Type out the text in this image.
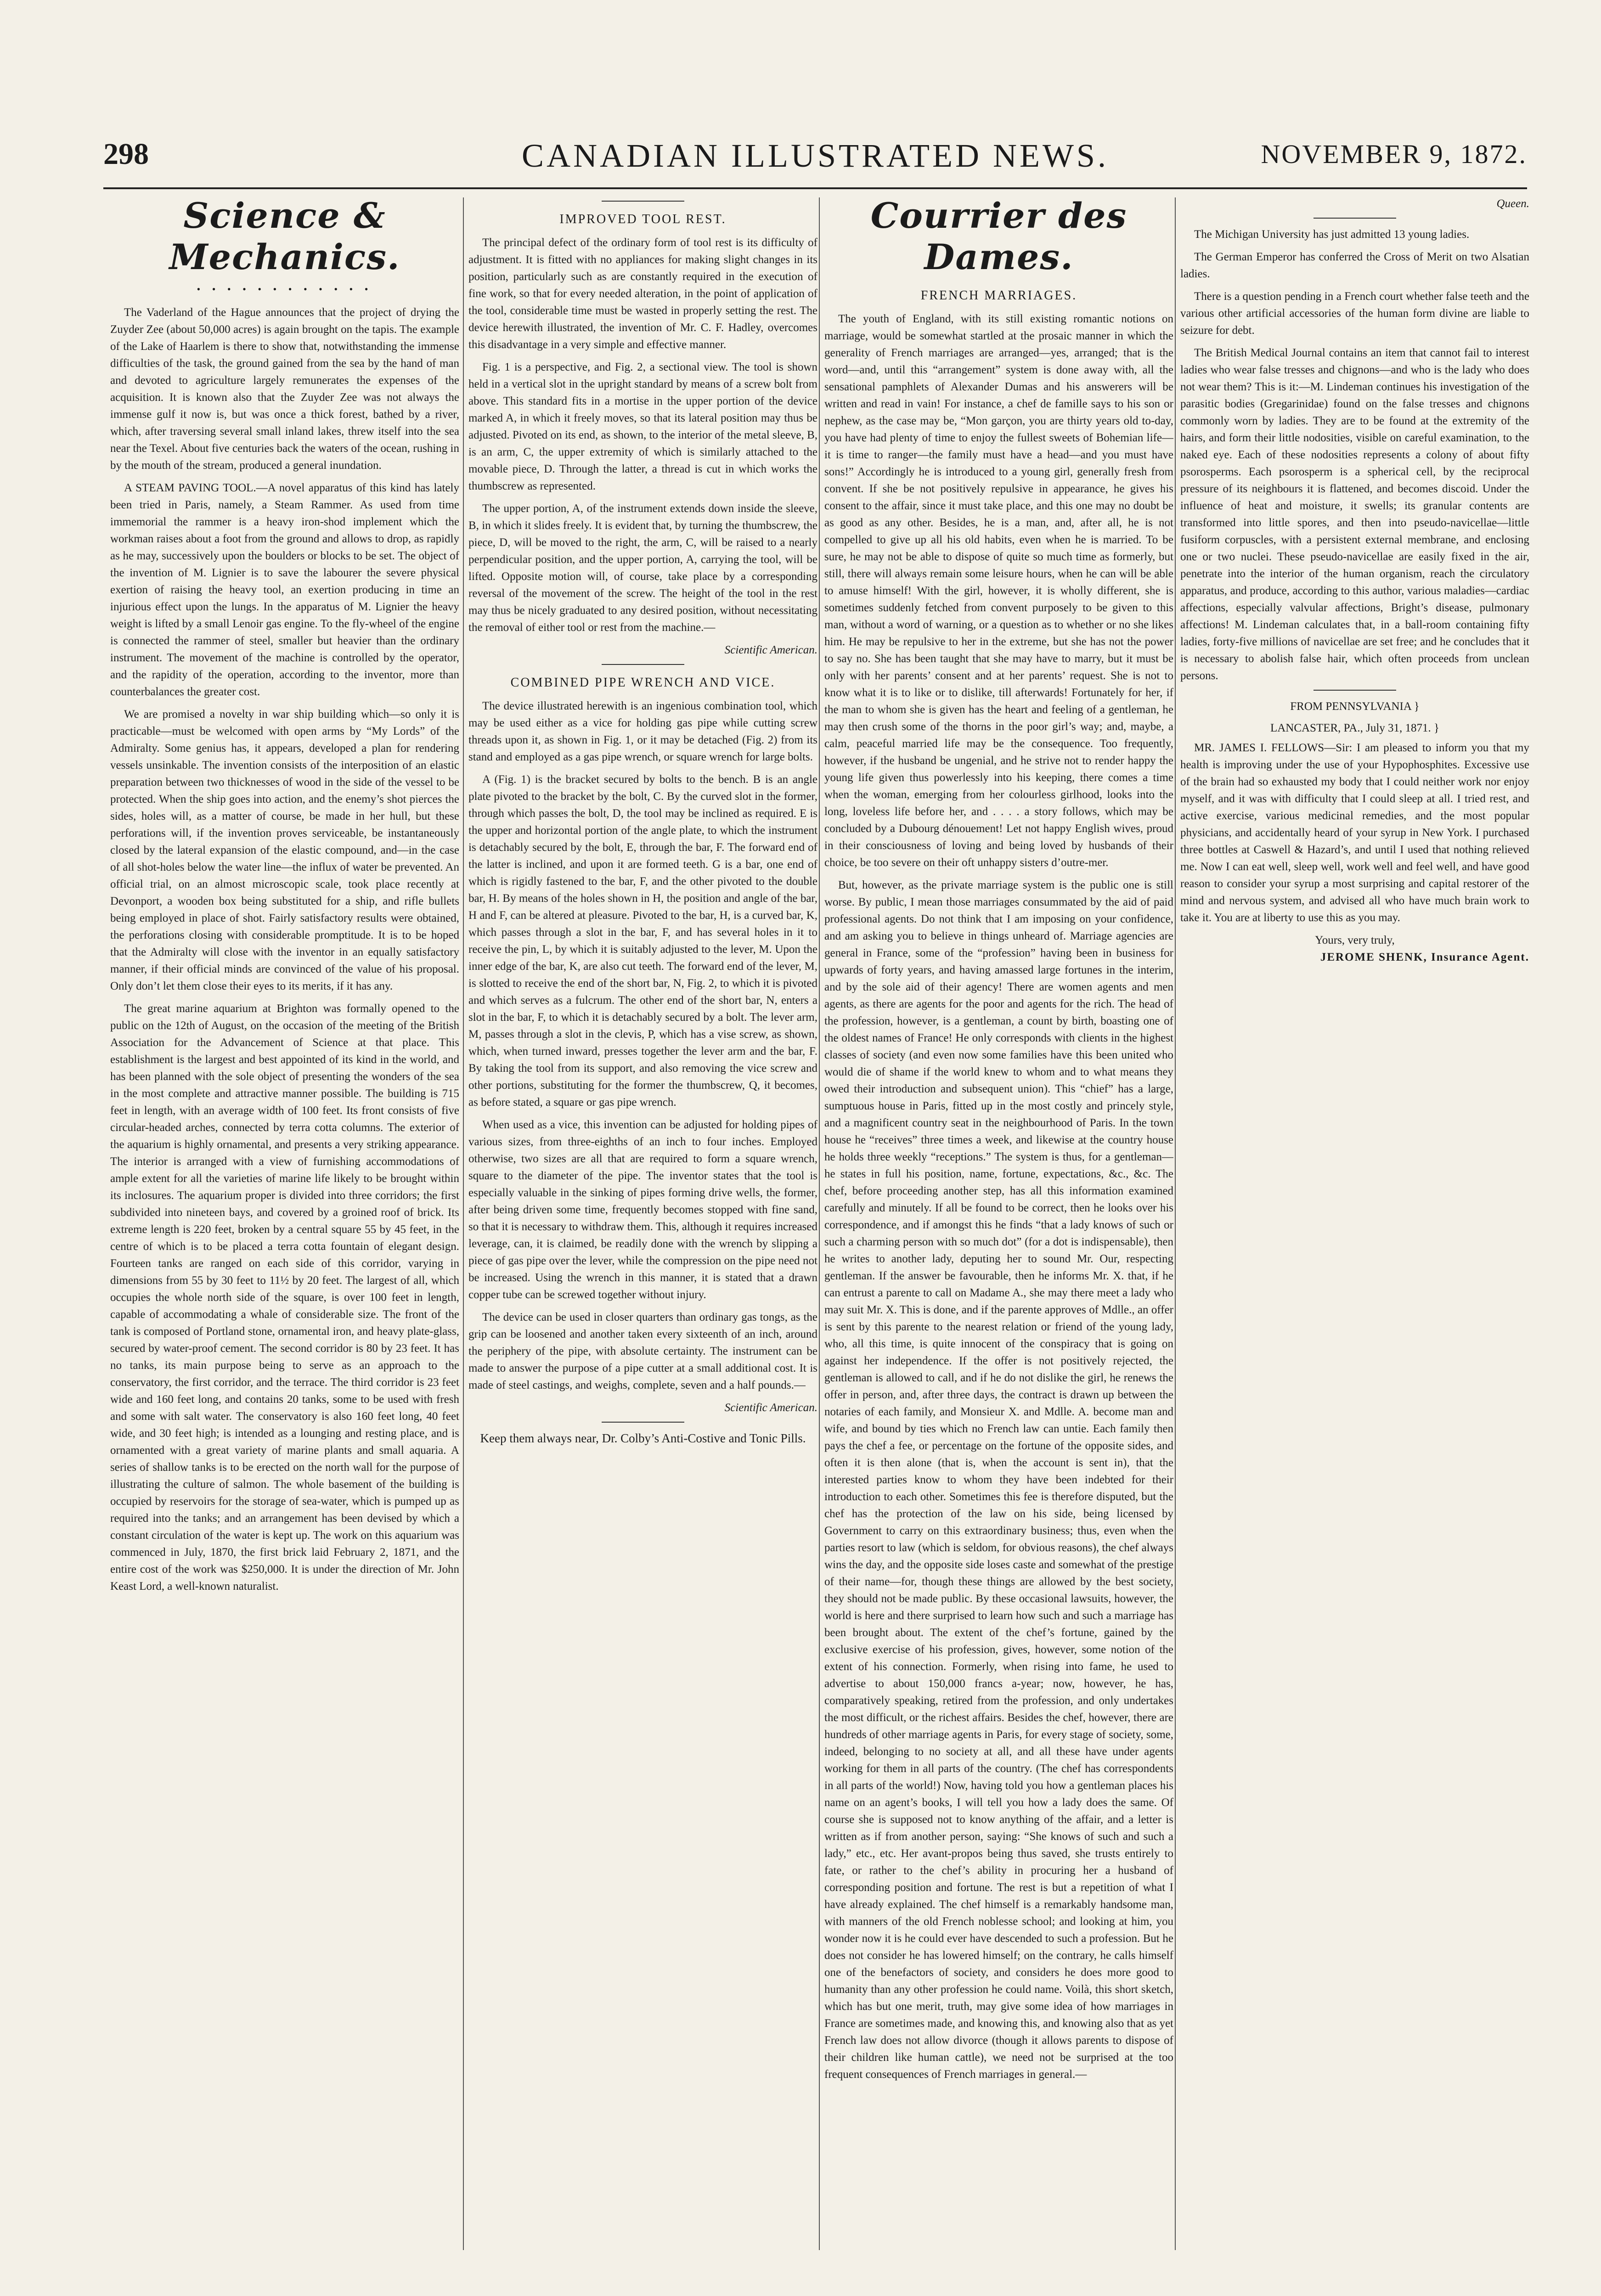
298	CANADIAN ILLUSTRATED NEWS.	NOVEMBER 9, 1872.
Science & Mechanics.
• • • • • • • • • • • •

The Vaderland of the Hague announces that the project of drying the Zuyder Zee (about 50,000 acres) is again brought on the tapis. The example of the Lake of Haarlem is there to show that, notwithstanding the immense difficulties of the task, the ground gained from the sea by the hand of man and devoted to agriculture largely remunerates the expenses of the acquisition. It is known also that the Zuyder Zee was not always the immense gulf it now is, but was once a thick forest, bathed by a river, which, after traversing several small inland lakes, threw itself into the sea near the Texel. About five centuries back the waters of the ocean, rushing in by the mouth of the stream, produced a general inundation.

A STEAM PAVING TOOL.—A novel apparatus of this kind has lately been tried in Paris, namely, a Steam Rammer. As used from time immemorial the rammer is a heavy iron-shod implement which the workman raises about a foot from the ground and allows to drop, as rapidly as he may, successively upon the boulders or blocks to be set. The object of the invention of M. Lignier is to save the labourer the severe physical exertion of raising the heavy tool, an exertion producing in time an injurious effect upon the lungs. In the apparatus of M. Lignier the heavy weight is lifted by a small Lenoir gas engine. To the fly-wheel of the engine is connected the rammer of steel, smaller but heavier than the ordinary instrument. The movement of the machine is controlled by the operator, and the rapidity of the operation, according to the inventor, more than counterbalances the greater cost.

We are promised a novelty in war ship building which—so only it is practicable—must be welcomed with open arms by “My Lords” of the Admiralty. Some genius has, it appears, developed a plan for rendering vessels unsinkable. The invention consists of the interposition of an elastic preparation between two thicknesses of wood in the side of the vessel to be protected. When the ship goes into action, and the enemy’s shot pierces the sides, holes will, as a matter of course, be made in her hull, but these perforations will, if the invention proves serviceable, be instantaneously closed by the lateral expansion of the elastic compound, and—in the case of all shot-holes below the water line—the influx of water be prevented. An official trial, on an almost microscopic scale, took place recently at Devonport, a wooden box being substituted for a ship, and rifle bullets being employed in place of shot. Fairly satisfactory results were obtained, the perforations closing with considerable promptitude. It is to be hoped that the Admiralty will close with the inventor in an equally satisfactory manner, if their official minds are convinced of the value of his proposal. Only don’t let them close their eyes to its merits, if it has any.

The great marine aquarium at Brighton was formally opened to the public on the 12th of August, on the occasion of the meeting of the British Association for the Advancement of Science at that place. This establishment is the largest and best appointed of its kind in the world, and has been planned with the sole object of presenting the wonders of the sea in the most complete and attractive manner possible. The building is 715 feet in length, with an average width of 100 feet. Its front consists of five circular-headed arches, connected by terra cotta columns. The exterior of the aquarium is highly ornamental, and presents a very striking appearance. The interior is arranged with a view of furnishing accommodations of ample extent for all the varieties of marine life likely to be brought within its inclosures. The aquarium proper is divided into three corridors; the first subdivided into nineteen bays, and covered by a groined roof of brick. Its extreme length is 220 feet, broken by a central square 55 by 45 feet, in the centre of which is to be placed a terra cotta fountain of elegant design. Fourteen tanks are ranged on each side of this corridor, varying in dimensions from 55 by 30 feet to 11½ by 20 feet. The largest of all, which occupies the whole north side of the square, is over 100 feet in length, capable of accommodating a whale of considerable size. The front of the tank is composed of Portland stone, ornamental iron, and heavy plate-glass, secured by water-proof cement. The second corridor is 80 by 23 feet. It has no tanks, its main purpose being to serve as an approach to the conservatory, the first corridor, and the terrace. The third corridor is 23 feet wide and 160 feet long, and contains 20 tanks, some to be used with fresh and some with salt water. The conservatory is also 160 feet long, 40 feet wide, and 30 feet high; is intended as a lounging and resting place, and is ornamented with a great variety of marine plants and small aquaria. A series of shallow tanks is to be erected on the north wall for the purpose of illustrating the culture of salmon. The whole basement of the building is occupied by reservoirs for the storage of sea-water, which is pumped up as required into the tanks; and an arrangement has been devised by which a constant circulation of the water is kept up. The work on this aquarium was commenced in July, 1870, the first brick laid February 2, 1871, and the entire cost of the work was $250,000. It is under the direction of Mr. John Keast Lord, a well-known naturalist.

IMPROVED TOOL REST.

The principal defect of the ordinary form of tool rest is its difficulty of adjustment. It is fitted with no appliances for making slight changes in its position, particularly such as are constantly required in the execution of fine work, so that for every needed alteration, in the point of application of the tool, considerable time must be wasted in properly setting the rest. The device herewith illustrated, the invention of Mr. C. F. Hadley, overcomes this disadvantage in a very simple and effective manner.

Fig. 1 is a perspective, and Fig. 2, a sectional view. The tool is shown held in a vertical slot in the upright standard by means of a screw bolt from above. This standard fits in a mortise in the upper portion of the device marked A, in which it freely moves, so that its lateral position may thus be adjusted. Pivoted on its end, as shown, to the interior of the metal sleeve, B, is an arm, C, the upper extremity of which is similarly attached to the movable piece, D. Through the latter, a thread is cut in which works the thumbscrew as represented.

The upper portion, A, of the instrument extends down inside the sleeve, B, in which it slides freely. It is evident that, by turning the thumbscrew, the piece, D, will be moved to the right, the arm, C, will be raised to a nearly perpendicular position, and the upper portion, A, carrying the tool, will be lifted. Opposite motion will, of course, take place by a corresponding reversal of the movement of the screw. The height of the tool in the rest may thus be nicely graduated to any desired position, without necessitating the removal of either tool or rest from the machine.—

Scientific American.
COMBINED PIPE WRENCH AND VICE.

The device illustrated herewith is an ingenious combination tool, which may be used either as a vice for holding gas pipe while cutting screw threads upon it, as shown in Fig. 1, or it may be detached (Fig. 2) from its stand and employed as a gas pipe wrench, or square wrench for large bolts.

A (Fig. 1) is the bracket secured by bolts to the bench. B is an angle plate pivoted to the bracket by the bolt, C. By the curved slot in the former, through which passes the bolt, D, the tool may be inclined as required. E is the upper and horizontal portion of the angle plate, to which the instrument is detachably secured by the bolt, E, through the bar, F. The forward end of the latter is inclined, and upon it are formed teeth. G is a bar, one end of which is rigidly fastened to the bar, F, and the other pivoted to the double bar, H. By means of the holes shown in H, the position and angle of the bar, H and F, can be altered at pleasure. Pivoted to the bar, H, is a curved bar, K, which passes through a slot in the bar, F, and has several holes in it to receive the pin, L, by which it is suitably adjusted to the lever, M. Upon the inner edge of the bar, K, are also cut teeth. The forward end of the lever, M, is slotted to receive the end of the short bar, N, Fig. 2, to which it is pivoted and which serves as a fulcrum. The other end of the short bar, N, enters a slot in the bar, F, to which it is detachably secured by a bolt. The lever arm, M, passes through a slot in the clevis, P, which has a vise screw, as shown, which, when turned inward, presses together the lever arm and the bar, F. By taking the tool from its support, and also removing the vice screw and other portions, substituting for the former the thumbscrew, Q, it becomes, as before stated, a square or gas pipe wrench.

When used as a vice, this invention can be adjusted for holding pipes of various sizes, from three-eighths of an inch to four inches. Employed otherwise, two sizes are all that are required to form a square wrench, square to the diameter of the pipe. The inventor states that the tool is especially valuable in the sinking of pipes forming drive wells, the former, after being driven some time, frequently becomes stopped with fine sand, so that it is necessary to withdraw them. This, although it requires increased leverage, can, it is claimed, be readily done with the wrench by slipping a piece of gas pipe over the lever, while the compression on the pipe need not be increased. Using the wrench in this manner, it is stated that a drawn copper tube can be screwed together without injury.

The device can be used in closer quarters than ordinary gas tongs, as the grip can be loosened and another taken every sixteenth of an inch, around the periphery of the pipe, with absolute certainty. The instrument can be made to answer the purpose of a pipe cutter at a small additional cost. It is made of steel castings, and weighs, complete, seven and a half pounds.—

Scientific American.
Keep them always near, Dr. Colby’s Anti-Costive and Tonic Pills.
Courrier des Dames.
FRENCH MARRIAGES.

The youth of England, with its still existing romantic notions on marriage, would be somewhat startled at the prosaic manner in which the generality of French marriages are arranged—yes, arranged; that is the word—and, until this “arrangement” system is done away with, all the sensational pamphlets of Alexander Dumas and his answerers will be written and read in vain! For instance, a chef de famille says to his son or nephew, as the case may be, “Mon garçon, you are thirty years old to-day, you have had plenty of time to enjoy the fullest sweets of Bohemian life—it is time to ranger—the family must have a head—and you must have sons!” Accordingly he is introduced to a young girl, generally fresh from convent. If she be not positively repulsive in appearance, he gives his consent to the affair, since it must take place, and this one may no doubt be as good as any other. Besides, he is a man, and, after all, he is not compelled to give up all his old habits, even when he is married. To be sure, he may not be able to dispose of quite so much time as formerly, but still, there will always remain some leisure hours, when he can will be able to amuse himself! With the girl, however, it is wholly different, she is sometimes suddenly fetched from convent purposely to be given to this man, without a word of warning, or a question as to whether or no she likes him. He may be repulsive to her in the extreme, but she has not the power to say no. She has been taught that she may have to marry, but it must be only with her parents’ consent and at her parents’ request. She is not to know what it is to like or to dislike, till afterwards! Fortunately for her, if the man to whom she is given has the heart and feeling of a gentleman, he may then crush some of the thorns in the poor girl’s way; and, maybe, a calm, peaceful married life may be the consequence. Too frequently, however, if the husband be ungenial, and he strive not to render happy the young life given thus powerlessly into his keeping, there comes a time when the woman, emerging from her colourless girlhood, looks into the long, loveless life before her, and . . . . a story follows, which may be concluded by a Dubourg dénouement! Let not happy English wives, proud in their consciousness of loving and being loved by husbands of their choice, be too severe on their oft unhappy sisters d’outre-mer.

But, however, as the private marriage system is the public one is still worse. By public, I mean those marriages consummated by the aid of paid professional agents. Do not think that I am imposing on your confidence, and am asking you to believe in things unheard of. Marriage agencies are general in France, some of the “profession” having been in business for upwards of forty years, and having amassed large fortunes in the interim, and by the sole aid of their agency! There are women agents and men agents, as there are agents for the poor and agents for the rich. The head of the profession, however, is a gentleman, a count by birth, boasting one of the oldest names of France! He only corresponds with clients in the highest classes of society (and even now some families have this been united who would die of shame if the world knew to whom and to what means they owed their introduction and subsequent union). This “chief” has a large, sumptuous house in Paris, fitted up in the most costly and princely style, and a magnificent country seat in the neighbourhood of Paris. In the town house he “receives” three times a week, and likewise at the country house he holds three weekly “receptions.” The system is thus, for a gentleman—he states in full his position, name, fortune, expectations, &c., &c. The chef, before proceeding another step, has all this information examined carefully and minutely. If all be found to be correct, then he looks over his correspondence, and if amongst this he finds “that a lady knows of such or such a charming person with so much dot” (for a dot is indispensable), then he writes to another lady, deputing her to sound Mr. Our, respecting gentleman. If the answer be favourable, then he informs Mr. X. that, if he can entrust a parente to call on Madame A., she may there meet a lady who may suit Mr. X. This is done, and if the parente approves of Mdlle., an offer is sent by this parente to the nearest relation or friend of the young lady, who, all this time, is quite innocent of the conspiracy that is going on against her independence. If the offer is not positively rejected, the gentleman is allowed to call, and if he do not dislike the girl, he renews the offer in person, and, after three days, the contract is drawn up between the notaries of each family, and Monsieur X. and Mdlle. A. become man and wife, and bound by ties which no French law can untie. Each family then pays the chef a fee, or percentage on the fortune of the opposite sides, and often it is then alone (that is, when the account is sent in), that the interested parties know to whom they have been indebted for their introduction to each other. Sometimes this fee is therefore disputed, but the chef has the protection of the law on his side, being licensed by Government to carry on this extraordinary business; thus, even when the parties resort to law (which is seldom, for obvious reasons), the chef always wins the day, and the opposite side loses caste and somewhat of the prestige of their name—for, though these things are allowed by the best society, they should not be made public. By these occasional lawsuits, however, the world is here and there surprised to learn how such and such a marriage has been brought about. The extent of the chef’s fortune, gained by the exclusive exercise of his profession, gives, however, some notion of the extent of his connection. Formerly, when rising into fame, he used to advertise to about 150,000 francs a-year; now, however, he has, comparatively speaking, retired from the profession, and only undertakes the most difficult, or the richest affairs. Besides the chef, however, there are hundreds of other marriage agents in Paris, for every stage of society, some, indeed, belonging to no society at all, and all these have under agents working for them in all parts of the country. (The chef has correspondents in all parts of the world!) Now, having told you how a gentleman places his name on an agent’s books, I will tell you how a lady does the same. Of course she is supposed not to know anything of the affair, and a letter is written as if from another person, saying: “She knows of such and such a lady,” etc., etc. Her avant-propos being thus saved, she trusts entirely to fate, or rather to the chef’s ability in procuring her a husband of corresponding position and fortune. The rest is but a repetition of what I have already explained. The chef himself is a remarkably handsome man, with manners of the old French noblesse school; and looking at him, you wonder now it is he could ever have descended to such a profession. But he does not consider he has lowered himself; on the contrary, he calls himself one of the benefactors of society, and considers he does more good to humanity than any other profession he could name. Voilà, this short sketch, which has but one merit, truth, may give some idea of how marriages in France are sometimes made, and knowing this, and knowing also that as yet French law does not allow divorce (though it allows parents to dispose of their children like human cattle), we need not be surprised at the too frequent consequences of French marriages in general.—

Queen.

The Michigan University has just admitted 13 young ladies.

The German Emperor has conferred the Cross of Merit on two Alsatian ladies.

There is a question pending in a French court whether false teeth and the various other artificial accessories of the human form divine are liable to seizure for debt.

The British Medical Journal contains an item that cannot fail to interest ladies who wear false tresses and chignons—and who is the lady who does not wear them? This is it:—M. Lindeman continues his investigation of the parasitic bodies (Gregarinidae) found on the false tresses and chignons commonly worn by ladies. They are to be found at the extremity of the hairs, and form their little nodosities, visible on careful examination, to the naked eye. Each of these nodosities represents a colony of about fifty psorosperms. Each psorosperm is a spherical cell, by the reciprocal pressure of its neighbours it is flattened, and becomes discoid. Under the influence of heat and moisture, it swells; its granular contents are transformed into little spores, and then into pseudo-navicellae—little fusiform corpuscles, with a persistent external membrane, and enclosing one or two nuclei. These pseudo-navicellae are easily fixed in the air, penetrate into the interior of the human organism, reach the circulatory apparatus, and produce, according to this author, various maladies—cardiac affections, especially valvular affections, Bright’s disease, pulmonary affections! M. Lindeman calculates that, in a ball-room containing fifty ladies, forty-five millions of navicellae are set free; and he concludes that it is necessary to abolish false hair, which often proceeds from unclean persons.

FROM PENNSYLVANIA }
LANCASTER, PA., July 31, 1871. }

MR. JAMES I. FELLOWS—Sir: I am pleased to inform you that my health is improving under the use of your Hypophosphites. Excessive use of the brain had so exhausted my body that I could neither work nor enjoy myself, and it was with difficulty that I could sleep at all. I tried rest, and active exercise, various medicinal remedies, and the most popular physicians, and accidentally heard of your syrup in New York. I purchased three bottles at Caswell & Hazard’s, and until I used that nothing relieved me. Now I can eat well, sleep well, work well and feel well, and have good reason to consider your syrup a most surprising and capital restorer of the mind and nervous system, and advised all who have much brain work to take it. You are at liberty to use this as you may.

Yours, very truly,
JEROME SHENK, Insurance Agent.
